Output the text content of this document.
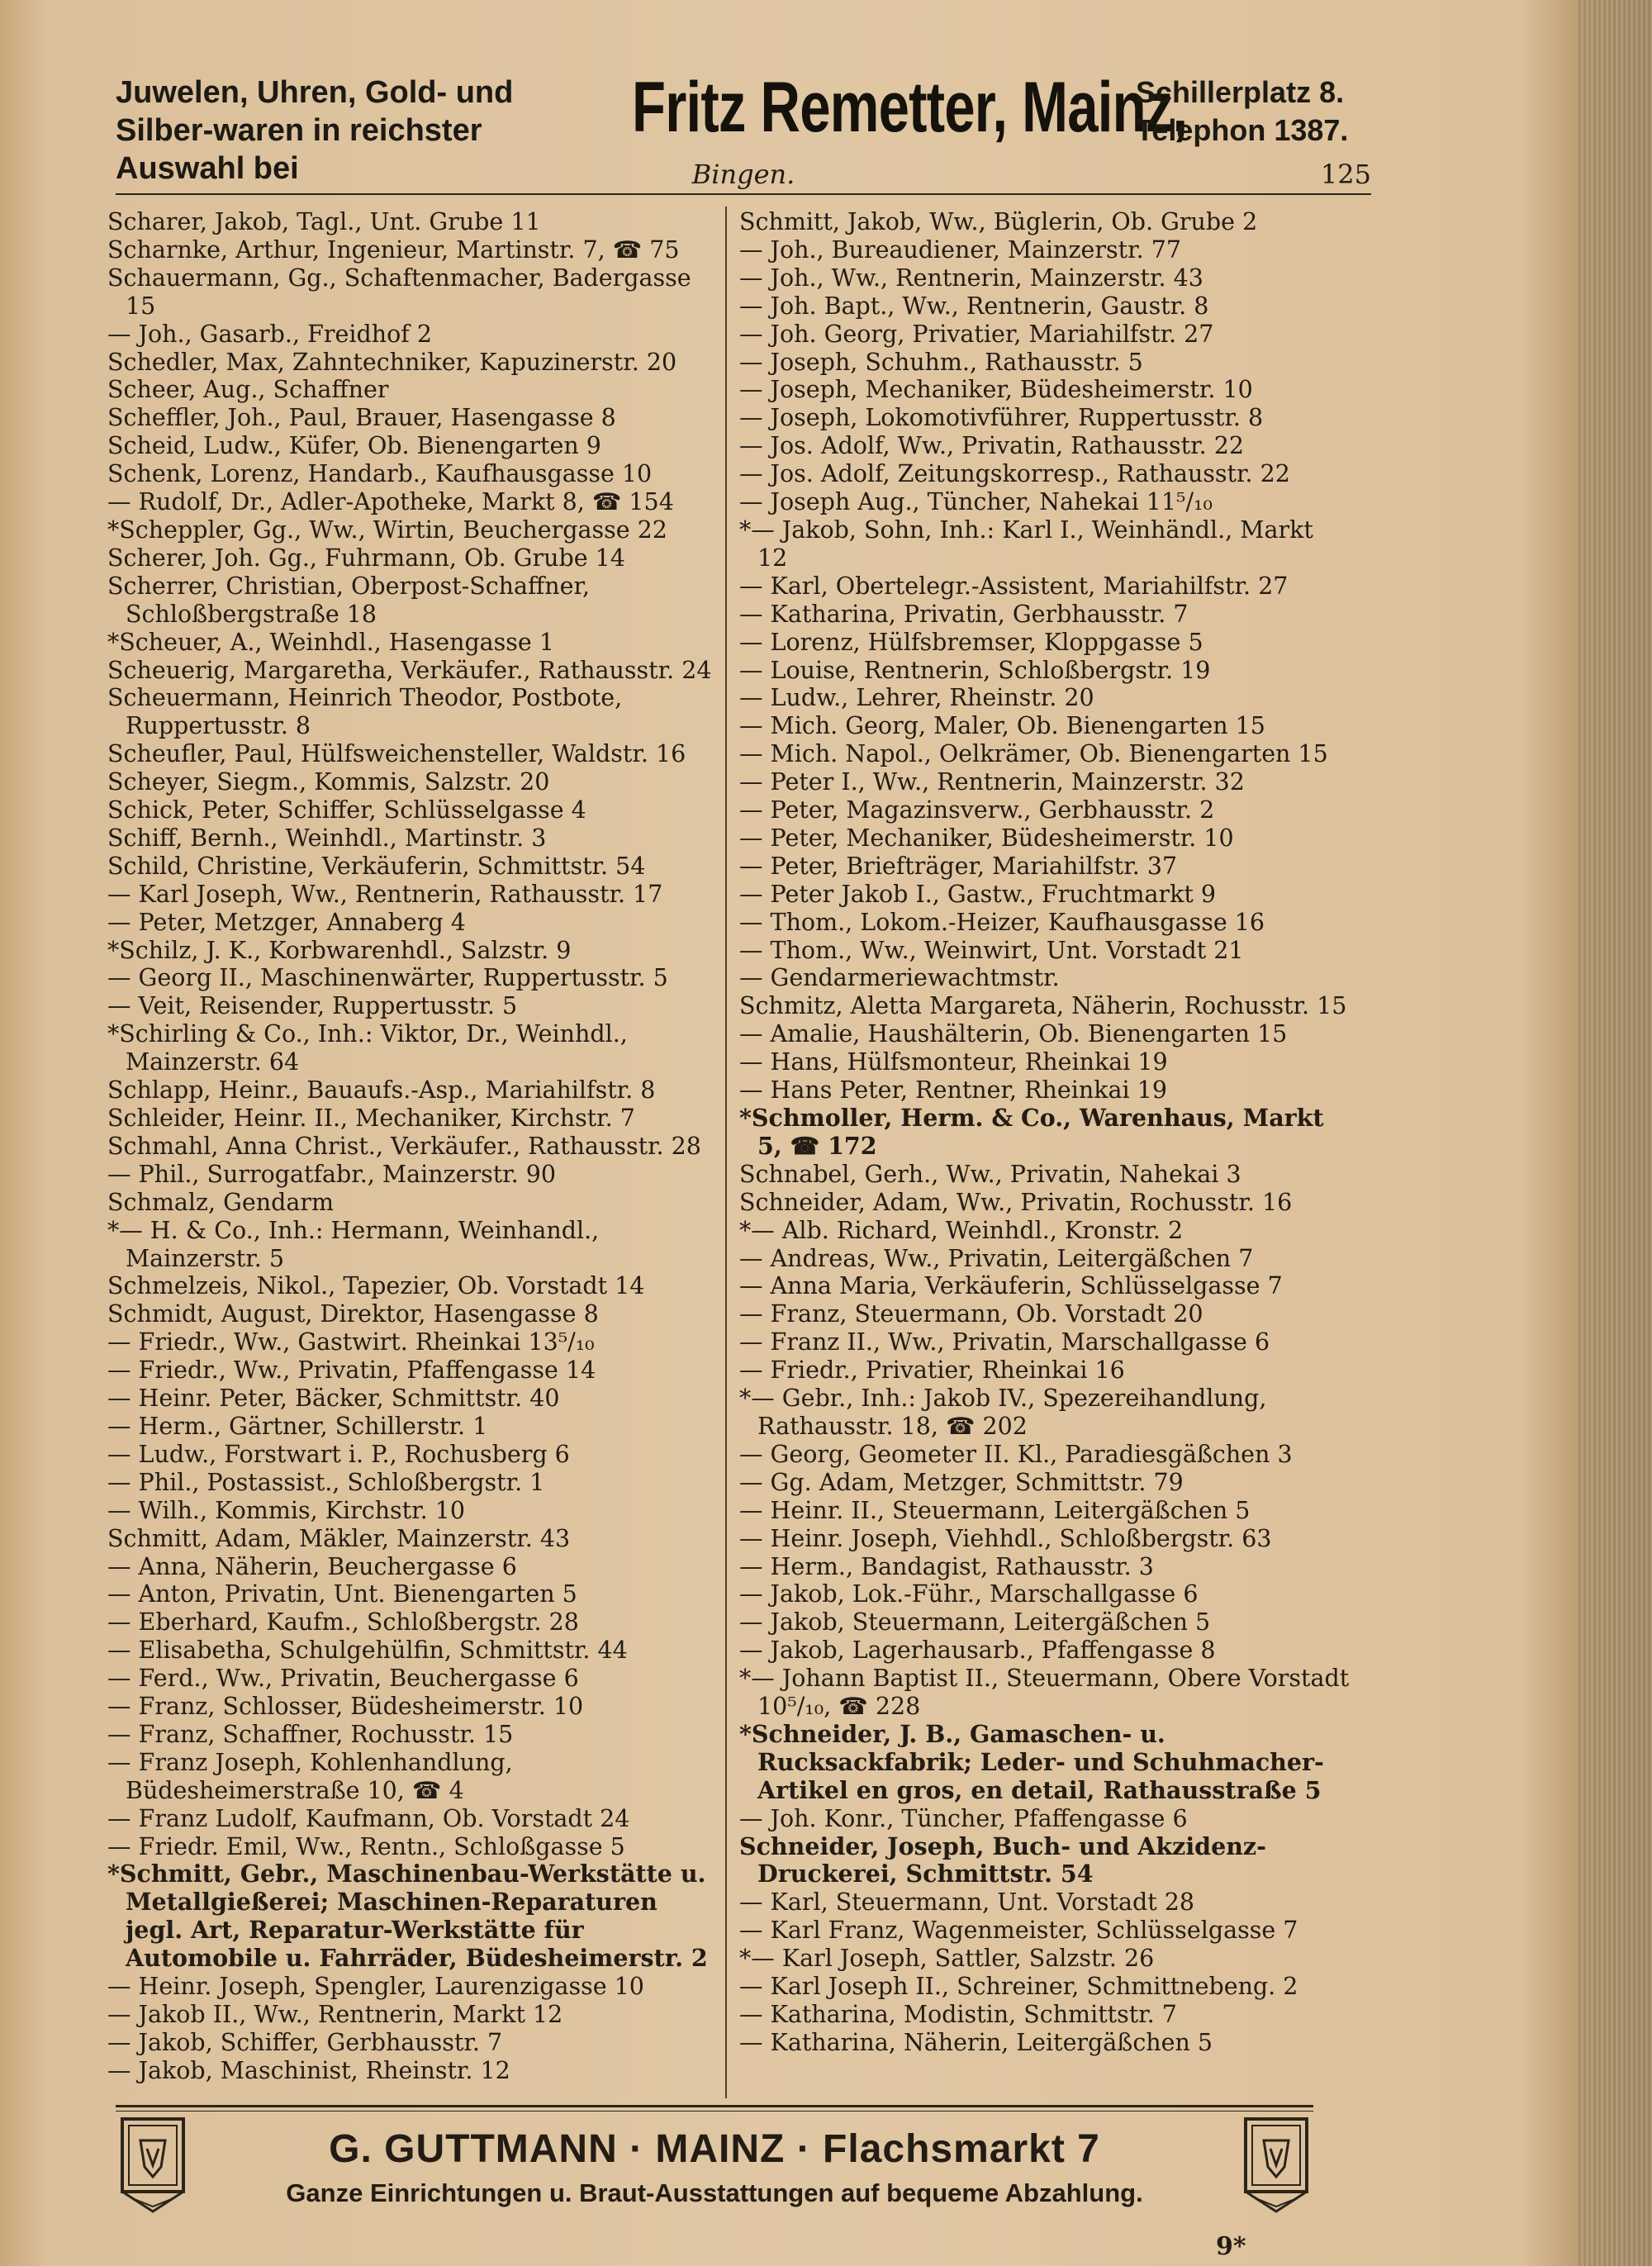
Juwelen, Uhren, Gold- und Silber-waren in reichster Auswahl bei
Fritz Remetter, Mainz,
Schillerplatz 8. Telephon 1387.
Bingen.	125
Scharer, Jakob, Tagl., Unt. Grube 11
Scharnke, Arthur, Ingenieur, Martinstr. 7, ☎ 75
Schauermann, Gg., Schaftenmacher, Badergasse 15
— Joh., Gasarb., Freidhof 2
Schedler, Max, Zahntechniker, Kapuzinerstr. 20
Scheer, Aug., Schaffner
Scheffler, Joh., Paul, Brauer, Hasengasse 8
Scheid, Ludw., Küfer, Ob. Bienengarten 9
Schenk, Lorenz, Handarb., Kaufhausgasse 10
— Rudolf, Dr., Adler-Apotheke, Markt 8, ☎ 154
*Scheppler, Gg., Ww., Wirtin, Beuchergasse 22
Scherer, Joh. Gg., Fuhrmann, Ob. Grube 14
Scherrer, Christian, Oberpost-Schaffner, Schloßbergstraße 18
*Scheuer, A., Weinhdl., Hasengasse 1
Scheuerig, Margaretha, Verkäufer., Rathausstr. 24
Scheuermann, Heinrich Theodor, Postbote, Ruppertusstr. 8
Scheufler, Paul, Hülfsweichensteller, Waldstr. 16
Scheyer, Siegm., Kommis, Salzstr. 20
Schick, Peter, Schiffer, Schlüsselgasse 4
Schiff, Bernh., Weinhdl., Martinstr. 3
Schild, Christine, Verkäuferin, Schmittstr. 54
— Karl Joseph, Ww., Rentnerin, Rathausstr. 17
— Peter, Metzger, Annaberg 4
*Schilz, J. K., Korbwarenhdl., Salzstr. 9
— Georg II., Maschinenwärter, Ruppertusstr. 5
— Veit, Reisender, Ruppertusstr. 5
*Schirling & Co., Inh.: Viktor, Dr., Weinhdl., Mainzerstr. 64
Schlapp, Heinr., Bauaufs.-Asp., Mariahilfstr. 8
Schleider, Heinr. II., Mechaniker, Kirchstr. 7
Schmahl, Anna Christ., Verkäufer., Rathausstr. 28
— Phil., Surrogatfabr., Mainzerstr. 90
Schmalz, Gendarm
*— H. & Co., Inh.: Hermann, Weinhandl., Mainzerstr. 5
Schmelzeis, Nikol., Tapezier, Ob. Vorstadt 14
Schmidt, August, Direktor, Hasengasse 8
— Friedr., Ww., Gastwirt. Rheinkai 13⁵/₁₀
— Friedr., Ww., Privatin, Pfaffengasse 14
— Heinr. Peter, Bäcker, Schmittstr. 40
— Herm., Gärtner, Schillerstr. 1
— Ludw., Forstwart i. P., Rochusberg 6
— Phil., Postassist., Schloßbergstr. 1
— Wilh., Kommis, Kirchstr. 10
Schmitt, Adam, Mäkler, Mainzerstr. 43
— Anna, Näherin, Beuchergasse 6
— Anton, Privatin, Unt. Bienengarten 5
— Eberhard, Kaufm., Schloßbergstr. 28
— Elisabetha, Schulgehülfin, Schmittstr. 44
— Ferd., Ww., Privatin, Beuchergasse 6
— Franz, Schlosser, Büdesheimerstr. 10
— Franz, Schaffner, Rochusstr. 15
— Franz Joseph, Kohlenhandlung, Büdesheimerstraße 10, ☎ 4
— Franz Ludolf, Kaufmann, Ob. Vorstadt 24
— Friedr. Emil, Ww., Rentn., Schloßgasse 5
*Schmitt, Gebr., Maschinenbau-Werkstätte u. Metallgießerei; Maschinen-Reparaturen jegl. Art, Reparatur-Werkstätte für Automobile u. Fahrräder, Büdesheimerstr. 2
— Heinr. Joseph, Spengler, Laurenzigasse 10
— Jakob II., Ww., Rentnerin, Markt 12
— Jakob, Schiffer, Gerbhausstr. 7
— Jakob, Maschinist, Rheinstr. 12
Schmitt, Jakob, Ww., Büglerin, Ob. Grube 2
— Joh., Bureaudiener, Mainzerstr. 77
— Joh., Ww., Rentnerin, Mainzerstr. 43
— Joh. Bapt., Ww., Rentnerin, Gaustr. 8
— Joh. Georg, Privatier, Mariahilfstr. 27
— Joseph, Schuhm., Rathausstr. 5
— Joseph, Mechaniker, Büdesheimerstr. 10
— Joseph, Lokomotivführer, Ruppertusstr. 8
— Jos. Adolf, Ww., Privatin, Rathausstr. 22
— Jos. Adolf, Zeitungskorresp., Rathausstr. 22
— Joseph Aug., Tüncher, Nahekai 11⁵/₁₀
*— Jakob, Sohn, Inh.: Karl I., Weinhändl., Markt 12
— Karl, Obertelegr.-Assistent, Mariahilfstr. 27
— Katharina, Privatin, Gerbhausstr. 7
— Lorenz, Hülfsbremser, Kloppgasse 5
— Louise, Rentnerin, Schloßbergstr. 19
— Ludw., Lehrer, Rheinstr. 20
— Mich. Georg, Maler, Ob. Bienengarten 15
— Mich. Napol., Oelkrämer, Ob. Bienengarten 15
— Peter I., Ww., Rentnerin, Mainzerstr. 32
— Peter, Magazinsverw., Gerbhausstr. 2
— Peter, Mechaniker, Büdesheimerstr. 10
— Peter, Briefträger, Mariahilfstr. 37
— Peter Jakob I., Gastw., Fruchtmarkt 9
— Thom., Lokom.-Heizer, Kaufhausgasse 16
— Thom., Ww., Weinwirt, Unt. Vorstadt 21
— Gendarmeriewachtmstr.
Schmitz, Aletta Margareta, Näherin, Rochusstr. 15
— Amalie, Haushälterin, Ob. Bienengarten 15
— Hans, Hülfsmonteur, Rheinkai 19
— Hans Peter, Rentner, Rheinkai 19
*Schmoller, Herm. & Co., Warenhaus, Markt 5, ☎ 172
Schnabel, Gerh., Ww., Privatin, Nahekai 3
Schneider, Adam, Ww., Privatin, Rochusstr. 16
*— Alb. Richard, Weinhdl., Kronstr. 2
— Andreas, Ww., Privatin, Leitergäßchen 7
— Anna Maria, Verkäuferin, Schlüsselgasse 7
— Franz, Steuermann, Ob. Vorstadt 20
— Franz II., Ww., Privatin, Marschallgasse 6
— Friedr., Privatier, Rheinkai 16
*— Gebr., Inh.: Jakob IV., Spezereihandlung, Rathausstr. 18, ☎ 202
— Georg, Geometer II. Kl., Paradiesgäßchen 3
— Gg. Adam, Metzger, Schmittstr. 79
— Heinr. II., Steuermann, Leitergäßchen 5
— Heinr. Joseph, Viehhdl., Schloßbergstr. 63
— Herm., Bandagist, Rathausstr. 3
— Jakob, Lok.-Führ., Marschallgasse 6
— Jakob, Steuermann, Leitergäßchen 5
— Jakob, Lagerhausarb., Pfaffengasse 8
*— Johann Baptist II., Steuermann, Obere Vorstadt 10⁵/₁₀, ☎ 228
*Schneider, J. B., Gamaschen- u. Rucksackfabrik; Leder- und Schuhmacher-Artikel en gros, en detail, Rathausstraße 5
— Joh. Konr., Tüncher, Pfaffengasse 6
Schneider, Joseph, Buch- und Akzidenz-Druckerei, Schmittstr. 54
— Karl, Steuermann, Unt. Vorstadt 28
— Karl Franz, Wagenmeister, Schlüsselgasse 7
*— Karl Joseph, Sattler, Salzstr. 26
— Karl Joseph II., Schreiner, Schmittnebeng. 2
— Katharina, Modistin, Schmittstr. 7
— Katharina, Näherin, Leitergäßchen 5
G. GUTTMANN · MAINZ · Flachsmarkt 7
Ganze Einrichtungen u. Braut-Ausstattungen auf bequeme Abzahlung.
9*
